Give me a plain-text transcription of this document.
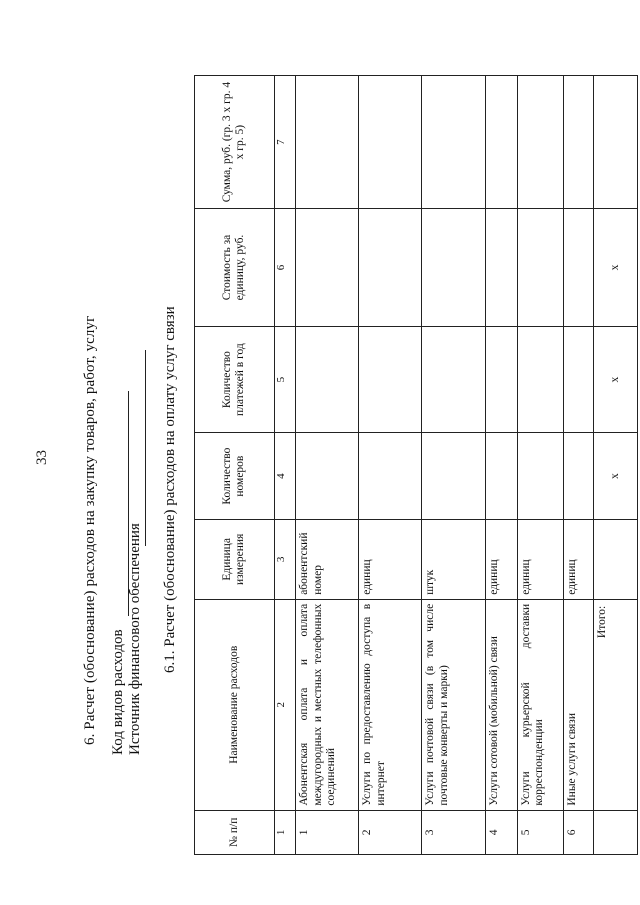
33 6. Расчет (обоснование) расходов на закупку товаров, работ, услуг Код видов расходов Источник финансового обеспечения 6.1. Расчет (обоснование) расходов на оплату услуг связи
№ п/п	Наименование расходов	Единица измерения	Количество номеров	Количество платежей в год	Стоимость за единицу, руб.	Сумма, руб. (гр. 3 х гр. 4 х гр. 5)
1	2	3	4	5	6	7
1	Абонентская оплата и оплата междугородных и местных телефонных соединений	абонентский номер				
2	Услуги по предоставлению доступа в интернет	единиц				
3	Услуги почтовой связи (в том числе почтовые конверты и марки)	штук				
4	Услуги сотовой (мобильной) связи	единиц				
5	Услуги курьерской доставки корреспонденции	единиц				
6	Иные услуги связи	единиц				
	Итого:		х	х	х	
